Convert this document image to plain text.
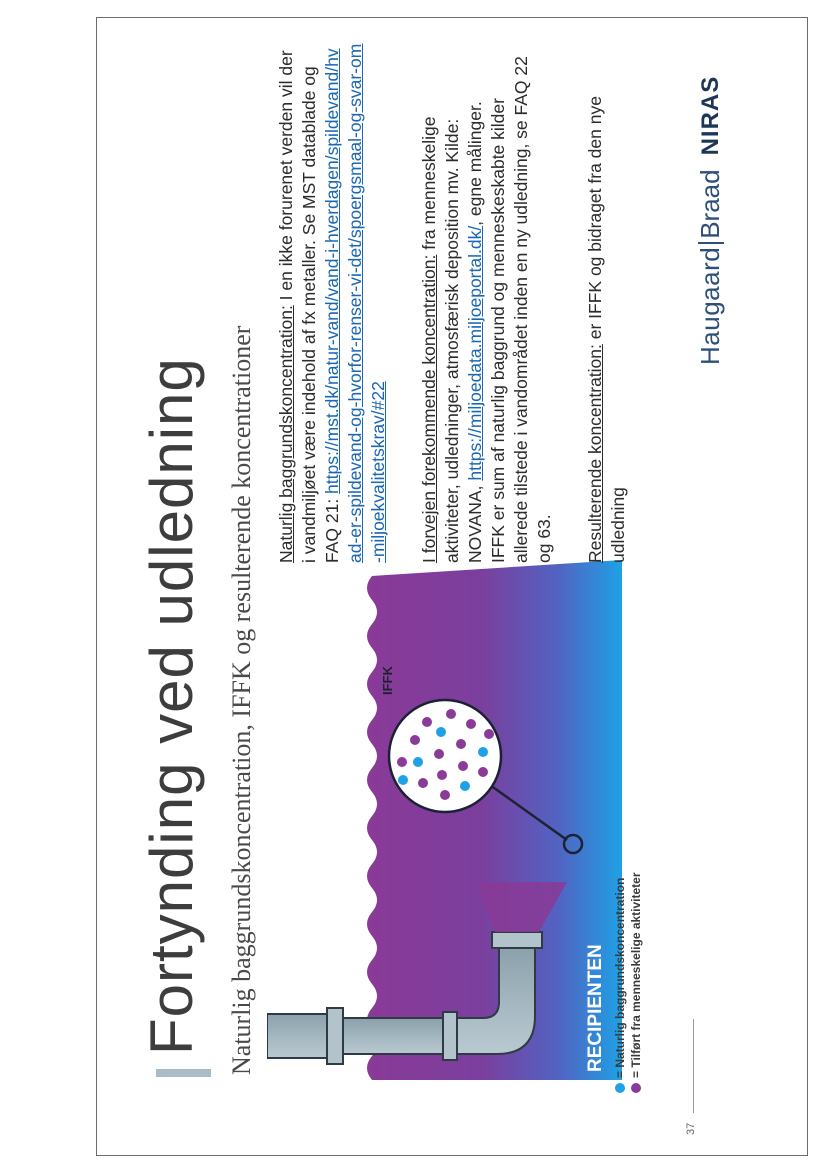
Fortynding ved udledning Naturlig baggrundskoncentration, IFFK og resulterende koncentrationer	IFFK
RECIPIENTEN = Naturlig baggrundskoncentration = Tilført fra menneskelige aktiviteter

Naturlig baggrundskoncentration: I en ikke forurenet verden vil der i vandmiljøet være indehold af fx metaller. Se MST datablade og FAQ 21: https://mst.dk/natur-vand/vand-i-hverdagen/spildevand/hvad-er-spildevand-og-hvorfor-renser-vi-det/spoergsmaal-og-svar-om-miljoekvalitetskrav/#22 I forvejen forekommende koncentration: fra menneskelige aktiviteter, udledninger, atmosfærisk deposition mv. Kilde: NOVANA, https://miljoedata.miljoeportal.dk/, egne målinger. IFFK er sum af naturlig baggrund og menneskeskabte kilder allerede tilstede i vandområdet inden en ny udledning, se FAQ 22 og 63. Resulterende koncentration: er IFFK og bidraget fra den nye udledning

37
Haugaard
Braad
NIRAS
